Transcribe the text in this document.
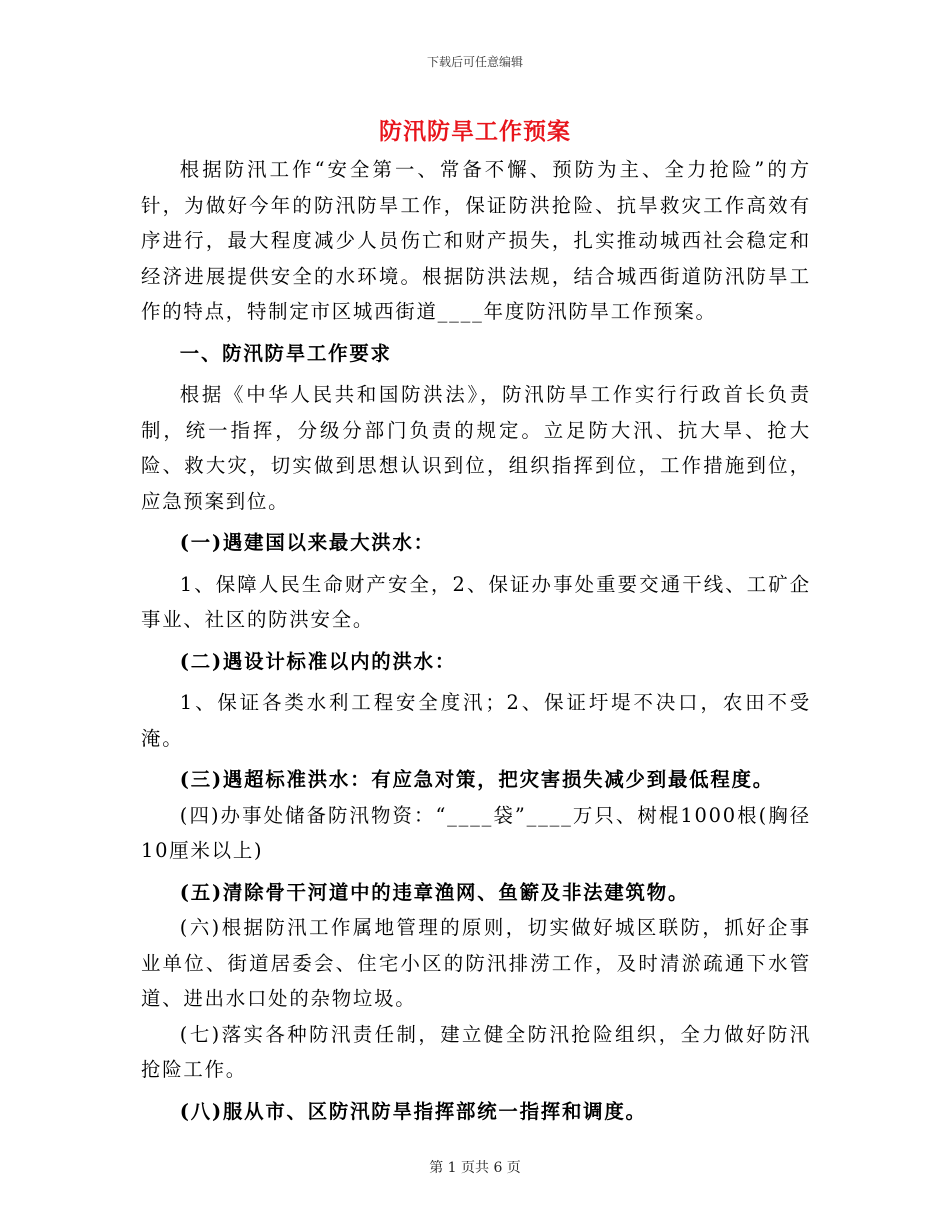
下载后可任意编辑
防汛防旱工作预案

根据防汛工作“安全第一、常备不懈、预防为主、全力抢险”的方针，为做好今年的防汛防旱工作，保证防洪抢险、抗旱救灾工作高效有序进行，最大程度减少人员伤亡和财产损失，扎实推动城西社会稳定和经济进展提供安全的水环境。根据防洪法规，结合城西街道防汛防旱工作的特点，特制定市区城西街道____年度防汛防旱工作预案。

一、防汛防旱工作要求

根据《中华人民共和国防洪法》，防汛防旱工作实行行政首长负责制，统一指挥，分级分部门负责的规定。立足防大汛、抗大旱、抢大险、救大灾，切实做到思想认识到位，组织指挥到位，工作措施到位，应急预案到位。

(一)遇建国以来最大洪水：

1、保障人民生命财产安全，2、保证办事处重要交通干线、工矿企事业、社区的防洪安全。

(二)遇设计标准以内的洪水：

1、保证各类水利工程安全度汛；2、保证圩堤不决口，农田不受淹。

(三)遇超标准洪水：有应急对策，把灾害损失减少到最低程度。

(四)办事处储备防汛物资：“____袋”____万只、树棍1000根(胸径10厘米以上)

(五)清除骨干河道中的违章渔网、鱼簖及非法建筑物。

(六)根据防汛工作属地管理的原则，切实做好城区联防，抓好企事业单位、街道居委会、住宅小区的防汛排涝工作，及时清淤疏通下水管道、进出水口处的杂物垃圾。

(七)落实各种防汛责任制，建立健全防汛抢险组织，全力做好防汛抢险工作。

(八)服从市、区防汛防旱指挥部统一指挥和调度。

第 1 页共 6 页
